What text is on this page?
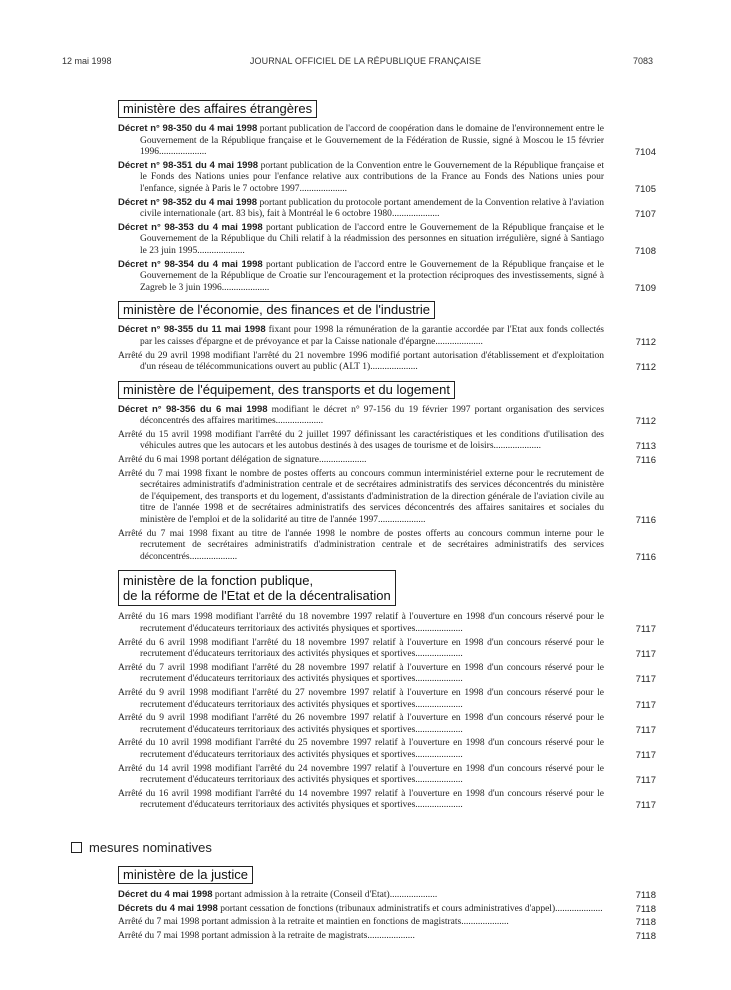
12 mai 1998	JOURNAL OFFICIEL DE LA RÉPUBLIQUE FRANÇAISE	7083
ministère des affaires étrangères
Décret n° 98-350 du 4 mai 1998 portant publication de l'accord de coopération dans le domaine de l'environnement entre le Gouvernement de la République française et le Gouvernement de la Fédération de Russie, signé à Moscou le 15 février 1996....................	7104
Décret n° 98-351 du 4 mai 1998 portant publication de la Convention entre le Gouvernement de la République française et le Fonds des Nations unies pour l'enfance relative aux contributions de la France au Fonds des Nations unies pour l'enfance, signée à Paris le 7 octobre 1997....................	7105
Décret n° 98-352 du 4 mai 1998 portant publication du protocole portant amendement de la Convention relative à l'aviation civile internationale (art. 83 bis), fait à Montréal le 6 octobre 1980....................	7107
Décret n° 98-353 du 4 mai 1998 portant publication de l'accord entre le Gouvernement de la République française et le Gouvernement de la République du Chili relatif à la réadmission des personnes en situation irrégulière, signé à Santiago le 23 juin 1995....................	7108
Décret n° 98-354 du 4 mai 1998 portant publication de l'accord entre le Gouvernement de la République française et le Gouvernement de la République de Croatie sur l'encouragement et la protection réciproques des investissements, signé à Zagreb le 3 juin 1996....................	7109
ministère de l'économie, des finances et de l'industrie
Décret n° 98-355 du 11 mai 1998 fixant pour 1998 la rémunération de la garantie accordée par l'Etat aux fonds collectés par les caisses d'épargne et de prévoyance et par la Caisse nationale d'épargne....................	7112
Arrêté du 29 avril 1998 modifiant l'arrêté du 21 novembre 1996 modifié portant autorisation d'établissement et d'exploitation d'un réseau de télécommunications ouvert au public (ALT 1)....................	7112
ministère de l'équipement, des transports et du logement
Décret n° 98-356 du 6 mai 1998 modifiant le décret n° 97-156 du 19 février 1997 portant organisation des services déconcentrés des affaires maritimes....................	7112
Arrêté du 15 avril 1998 modifiant l'arrêté du 2 juillet 1997 définissant les caractéristiques et les conditions d'utilisation des véhicules autres que les autocars et les autobus destinés à des usages de tourisme et de loisirs....................	7113
Arrêté du 6 mai 1998 portant délégation de signature....................	7116
Arrêté du 7 mai 1998 fixant le nombre de postes offerts au concours commun interministériel externe pour le recrutement de secrétaires administratifs d'administration centrale et de secrétaires administratifs des services déconcentrés du ministère de l'équipement, des transports et du logement, d'assistants d'administration de la direction générale de l'aviation civile au titre de l'année 1998 et de secrétaires administratifs des services déconcentrés des affaires sanitaires et sociales du ministère de l'emploi et de la solidarité au titre de l'année 1997....................	7116
Arrêté du 7 mai 1998 fixant au titre de l'année 1998 le nombre de postes offerts au concours commun interne pour le recrutement de secrétaires administratifs d'administration centrale et de secrétaires administratifs des services déconcentrés....................	7116
ministère de la fonction publique,
de la réforme de l'Etat et de la décentralisation
Arrêté du 16 mars 1998 modifiant l'arrêté du 18 novembre 1997 relatif à l'ouverture en 1998 d'un concours réservé pour le recrutement d'éducateurs territoriaux des activités physiques et sportives....................	7117
Arrêté du 6 avril 1998 modifiant l'arrêté du 18 novembre 1997 relatif à l'ouverture en 1998 d'un concours réservé pour le recrutement d'éducateurs territoriaux des activités physiques et sportives....................	7117
Arrêté du 7 avril 1998 modifiant l'arrêté du 28 novembre 1997 relatif à l'ouverture en 1998 d'un concours réservé pour le recrutement d'éducateurs territoriaux des activités physiques et sportives....................	7117
Arrêté du 9 avril 1998 modifiant l'arrêté du 27 novembre 1997 relatif à l'ouverture en 1998 d'un concours réservé pour le recrutement d'éducateurs territoriaux des activités physiques et sportives....................	7117
Arrêté du 9 avril 1998 modifiant l'arrêté du 26 novembre 1997 relatif à l'ouverture en 1998 d'un concours réservé pour le recrutement d'éducateurs territoriaux des activités physiques et sportives....................	7117
Arrêté du 10 avril 1998 modifiant l'arrêté du 25 novembre 1997 relatif à l'ouverture en 1998 d'un concours réservé pour le recrutement d'éducateurs territoriaux des activités physiques et sportives....................	7117
Arrêté du 14 avril 1998 modifiant l'arrêté du 24 novembre 1997 relatif à l'ouverture en 1998 d'un concours réservé pour le recrutement d'éducateurs territoriaux des activités physiques et sportives....................	7117
Arrêté du 16 avril 1998 modifiant l'arrêté du 14 novembre 1997 relatif à l'ouverture en 1998 d'un concours réservé pour le recrutement d'éducateurs territoriaux des activités physiques et sportives....................	7117
mesures nominatives
ministère de la justice
Décret du 4 mai 1998 portant admission à la retraite (Conseil d'Etat)....................	7118
Décrets du 4 mai 1998 portant cessation de fonctions (tribunaux administratifs et cours administratives d'appel)....................	7118
Arrêté du 7 mai 1998 portant admission à la retraite et maintien en fonctions de magistrats....................	7118
Arrêté du 7 mai 1998 portant admission à la retraite de magistrats....................	7118
